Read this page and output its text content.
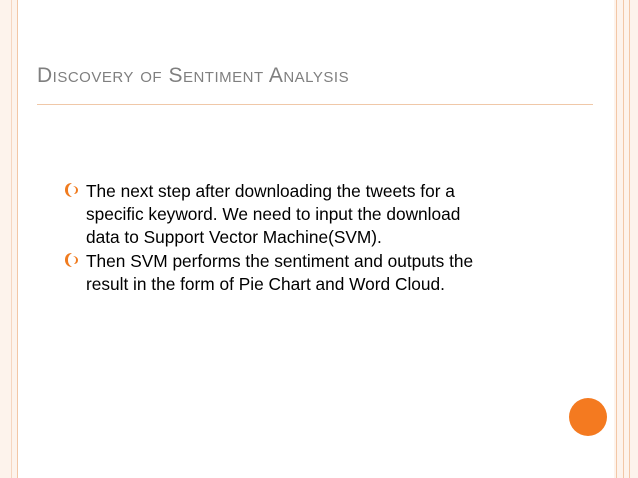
DISCOVERY OF SENTIMENT ANALYSIS
The next step after downloading the tweets for a
specific keyword. We need to input the download
data to Support Vector Machine(SVM).
Then SVM performs the sentiment and outputs the
result in the form of Pie Chart and Word Cloud.
